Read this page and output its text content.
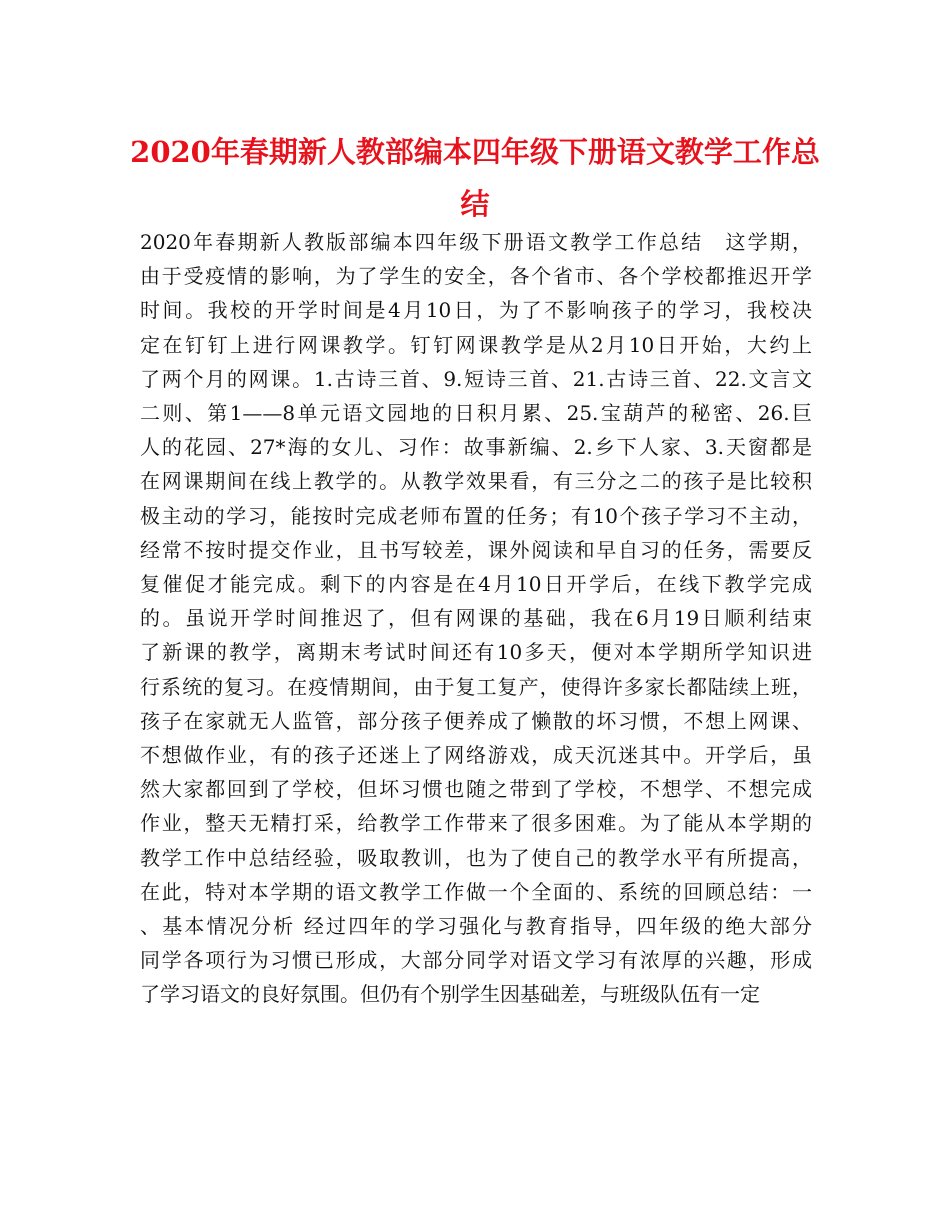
2020年春期新人教部编本四年级下册语文教学工作总
结
2020年春期新人教版部编本四年级下册语文教学工作总结　这学期，
由于受疫情的影响，为了学生的安全，各个省市、各个学校都推迟开学
时间。我校的开学时间是4月10日，为了不影响孩子的学习，我校决
定在钉钉上进行网课教学。钉钉网课教学是从2月10日开始，大约上
了两个月的网课。1.古诗三首、9.短诗三首、21.古诗三首、22.文言文
二则、第1——8单元语文园地的日积月累、25.宝葫芦的秘密、26.巨
人的花园、27*海的女儿、习作：故事新编、2.乡下人家、3.天窗都是
在网课期间在线上教学的。从教学效果看，有三分之二的孩子是比较积
极主动的学习，能按时完成老师布置的任务；有10个孩子学习不主动，
经常不按时提交作业，且书写较差，课外阅读和早自习的任务，需要反
复催促才能完成。剩下的内容是在4月10日开学后，在线下教学完成
的。虽说开学时间推迟了，但有网课的基础，我在6月19日顺利结束
了新课的教学，离期末考试时间还有10多天，便对本学期所学知识进
行系统的复习。在疫情期间，由于复工复产，使得许多家长都陆续上班，
孩子在家就无人监管，部分孩子便养成了懒散的坏习惯，不想上网课、
不想做作业，有的孩子还迷上了网络游戏，成天沉迷其中。开学后，虽
然大家都回到了学校，但坏习惯也随之带到了学校，不想学、不想完成
作业，整天无精打采，给教学工作带来了很多困难。为了能从本学期的
教学工作中总结经验，吸取教训，也为了使自己的教学水平有所提高，
在此，特对本学期的语文教学工作做一个全面的、系统的回顾总结：一
、基本情况分析 经过四年的学习强化与教育指导，四年级的绝大部分
同学各项行为习惯已形成，大部分同学对语文学习有浓厚的兴趣，形成
了学习语文的良好氛围。但仍有个别学生因基础差，与班级队伍有一定
